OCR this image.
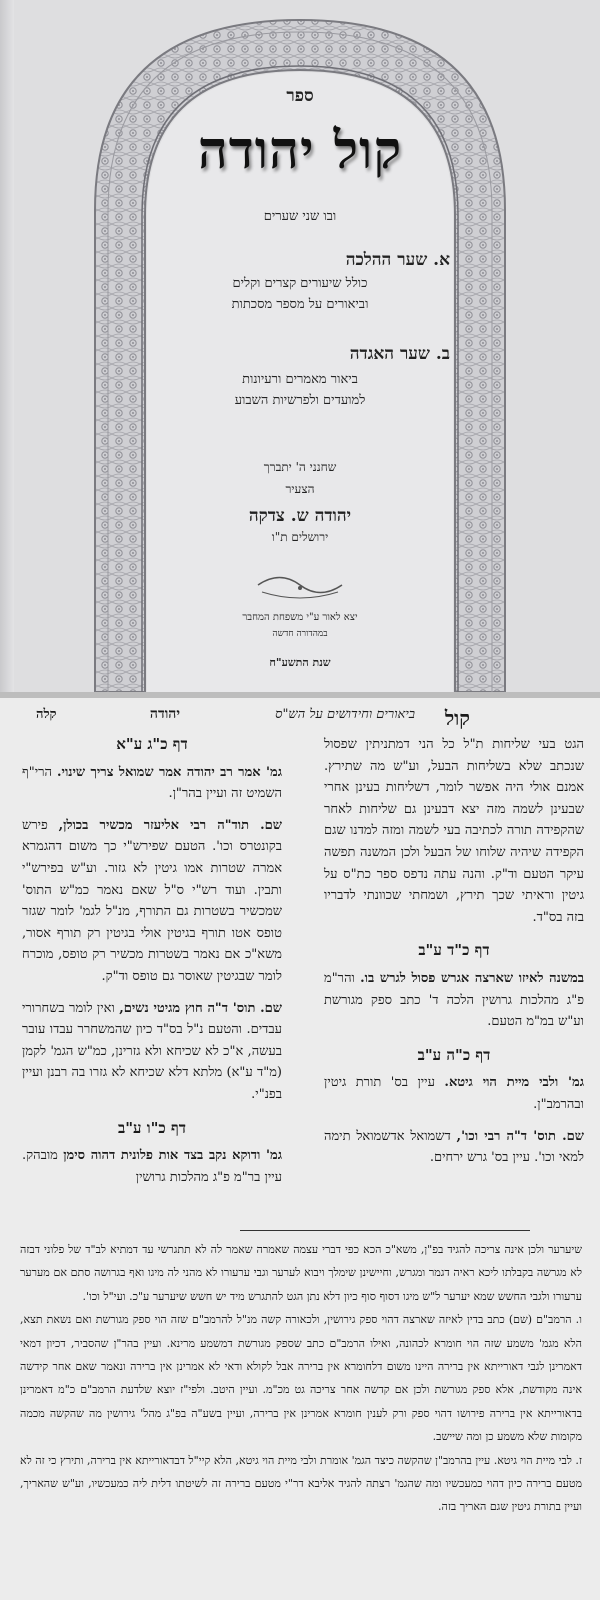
ספר
קול יהודה
ובו שני שערים
א. שער ההלכה
כולל שיעורים קצרים וקלים
וביאורים על מספר מסכתות
ב. שער האגדה
ביאור מאמרים ורעיונות
למועדים ולפרשיות השבוע
שחנני ה' יתברך
הצעיר
יהודה ש. צדקה
ירושלים ת"ו
יצא לאור ע"י משפחת המחבר
במהדורה חדשה
שנת התשע"ח
קול
ביאורים וחידושים על הש"ס
יהודה
קלה

הגט בעי שליחות ת"ל כל הני דמתניתין שפסול שנכתב שלא בשליחות הבעל, וע"ש מה שתירץ. אמנם אולי היה אפשר לומר, דשליחות בעינן אחרי שבעינן לשמה מזה יצא דבעינן גם שליחות לאחר שהקפידה תורה לכתיבה בעי לשמה ומזה למדנו שגם הקפידה שיהיה שלוחו של הבעל ולכן המשנה תפשה עיקר הטעם וד"ק. והנה עתה נדפס ספר כת"ס על גיטין וראיתי שכך תירץ, ושמחתי שכוונתי לדבריו בזה בס"ד.

דף כ"ד ע"ב

במשנה לאיזו שארצה אגרש פסול לגרש בו. והר"מ פ"ג מהלכות גרושין הלכה ד' כתב ספק מגורשת וע"ש במ"מ הטעם.

דף כ"ה ע"ב

גמ' ולבי מיית הוי גיטא. עיין בס' תורת גיטין ובהרמב"ן.

שם. תוס' ד"ה רבי וכו', דשמואל אדשמואל תימה למאי וכו'. עיין בס' גרש ירחים.

דף כ"ג ע"א

גמ' אמר רב יהודה אמר שמואל צריך שינוי. הרי"ף השמיט זה ועיין בהר"ן.

שם. תוד"ה רבי אליעזר מכשיר בכולן, פירש בקונטרס וכו'. הטעם שפירש"י כך משום דהגמרא אמרה שטרות אמו גיטין לא גזור. וע"ש בפירש"י ותבין. ועוד רש"י ס"ל שאם נאמר כמ"ש התוס' שמכשיר בשטרות גם התורף, מנ"ל לגמ' לומר שגזר טופס אטו תורף בגיטין אולי בגיטין רק תורף אסור, משא"כ אם נאמר בשטרות מכשיר רק טופס, מוכרח לומר שבגיטין שאוסר גם טופס וד"ק.

שם. תוס' ד"ה חוץ מגיטי נשים, ואין לומר בשחרורי עבדים. והטעם נ"ל בס"ד כיון שהמשחרר עבדו עובר בעשה, א"כ לא שכיחא ולא גזרינן, כמ"ש הגמ' לקמן (מ"ד ע"א) מלתא דלא שכיחא לא גזרו בה רבנן ועיין בפנ"י.

דף כ"ו ע"ב

גמ' ודוקא נקב בצד אות פלונית דהוה סימן מובהק. עיין בר"מ פ"ג מהלכות גרושין

שיערער ולכן אינה צריכה להגיד בפ"ן, משא"כ הכא כפי דברי עצמה שאמרה שאמר לה לא תתגרשי עד דמתיא לב"ד של פלוני דבזה לא מגרשה בקבלתו ליכא ראיה דגמר ומגרש, וחיישינן שימלך ויבוא לערער וגבי ערעורו לא מהני לה מיגו ואף בגרושה סתם אם מערער ערעורו ולגבי החשש שמא יערער ל"ש מיגו דסוף סוף כיון דלא נתן הגט להתגרש מיד יש חשש שיערער ע"כ. ועי"ל וכו'.

ו. הרמב"ם (שם) כתב בדין לאיזה שארצה דהוי ספק גירושין, ולכאורה קשה מנ"ל להרמב"ם שזה הוי ספק מגורשת ואם נשאת תצא, הלא מגמ' משמע שזה הוי חומרא לכהונה, ואילו הרמב"ם כתב שספק מגורשת דמשמע מרינא. ועיין בהר"ן שהסביר, דכיון דמאי דאמרינן לגבי דאורייתא אין ברירה היינו משום דלחומרא אין ברירה אבל לקולא ודאי לא אמרינן אין ברירה ונאמר שאם אחר קידשה אינה מקודשת, אלא ספק מגורשת ולכן אם קדשה אחר צריכה גט מכ"מ. ועיין היטב. ולפי"ז יוצא שלדעת הרמב"ם כ"מ דאמרינן בדאורייתא אין ברירה פירושו דהוי ספק ורק לענין חומרא אמרינן אין ברירה, ועיין בשע"ה בפ"ג מהל' גירושין מה שהקשה מכמה מקומות שלא משמע כן ומה שיישב.

ז. לבי מיית הוי גיטא. עיין בהרמב"ן שהקשה כיצד הגמ' אומרת ולבי מיית הוי גיטא, הלא קיי"ל דבדאורייתא אין ברירה, ותירץ כי זה לא מטעם ברירה כיון דהוי כמעכשיו ומה שהגמ' רצתה להגיד אליבא דר"י מטעם ברירה זה לשיטתו דלית ליה כמעכשיו, וע"ש שהאריך, ועיין בתורת גיטין שגם האריך בזה.
